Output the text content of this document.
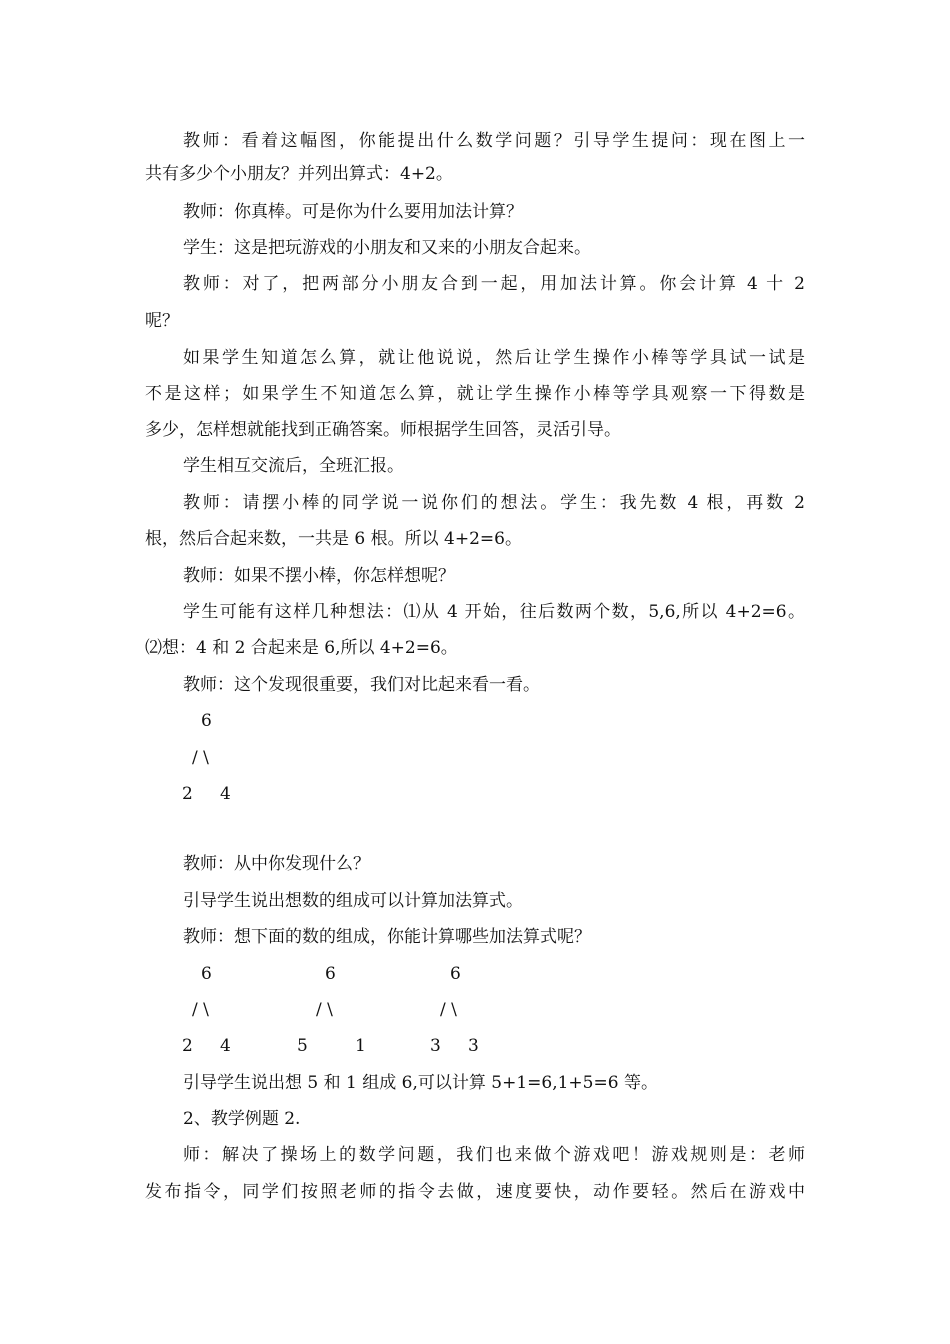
教师：看着这幅图，你能提出什么数学问题？引导学生提问：现在图上一
共有多少个小朋友？并列出算式：4+2。
教师：你真棒。可是你为什么要用加法计算？
学生：这是把玩游戏的小朋友和又来的小朋友合起来。
教师：对了，把两部分小朋友合到一起，用加法计算。你会计算 4 十 2
呢？
如果学生知道怎么算，就让他说说，然后让学生操作小棒等学具试一试是
不是这样；如果学生不知道怎么算，就让学生操作小棒等学具观察一下得数是
多少，怎样想就能找到正确答案。师根据学生回答，灵活引导。
学生相互交流后，全班汇报。
教师：请摆小棒的同学说一说你们的想法。学生：我先数 4 根，再数 2
根，然后合起来数，一共是 6 根。所以 4+2=6。
教师：如果不摆小棒，你怎样想呢？
学生可能有这样几种想法：⑴从 4 开始，往后数两个数，5,6,所以 4+2=6。
⑵想：4 和 2 合起来是 6,所以 4+2=6。
教师：这个发现很重要，我们对比起来看一看。
6
/ \
2 4
教师：从中你发现什么？
引导学生说出想数的组成可以计算加法算式。
教师：想下面的数的组成，你能计算哪些加法算式呢？
6
/ \
2 4
6
/ \
5	1
6
/ \
3 3
引导学生说出想 5 和 1 组成 6,可以计算 5+1=6,1+5=6 等。
2、教学例题 2.
师：解决了操场上的数学问题，我们也来做个游戏吧！游戏规则是：老师
发布指令，同学们按照老师的指令去做，速度要快，动作要轻。然后在游戏中
